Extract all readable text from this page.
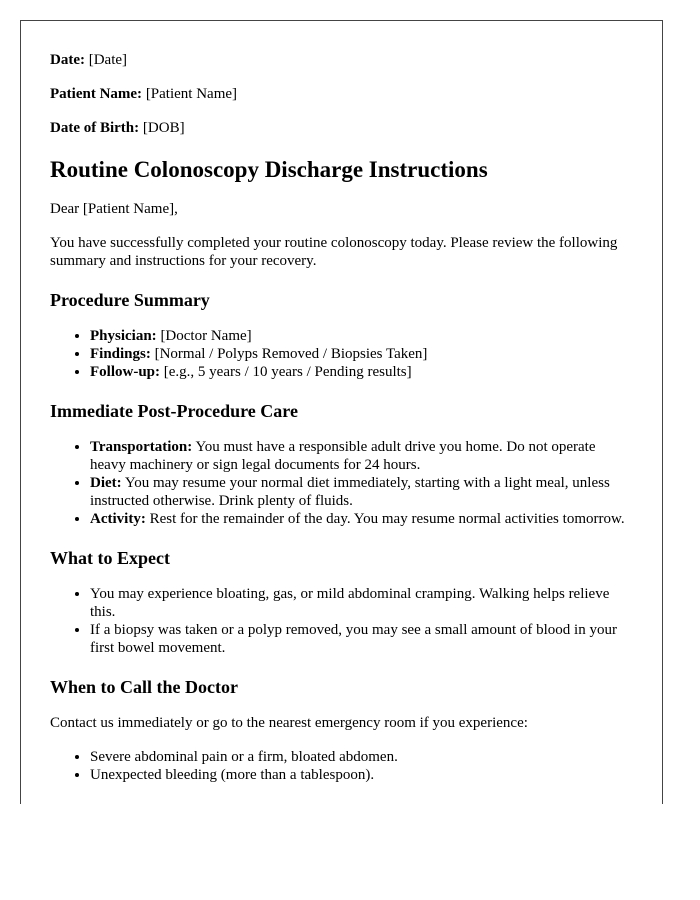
Date: [Date]

Patient Name: [Patient Name]

Date of Birth: [DOB]

Routine Colonoscopy Discharge Instructions

Dear [Patient Name],

You have successfully completed your routine colonoscopy today. Please review the following summary and instructions for your recovery.

Procedure Summary
• Physician: [Doctor Name]
• Findings: [Normal / Polyps Removed / Biopsies Taken]
• Follow-up: [e.g., 5 years / 10 years / Pending results]
Immediate Post-Procedure Care
• Transportation: You must have a responsible adult drive you home. Do not operate heavy machinery or sign legal documents for 24 hours.
• Diet: You may resume your normal diet immediately, starting with a light meal, unless instructed otherwise. Drink plenty of fluids.
• Activity: Rest for the remainder of the day. You may resume normal activities tomorrow.
What to Expect
• You may experience bloating, gas, or mild abdominal cramping. Walking helps relieve this.
• If a biopsy was taken or a polyp removed, you may see a small amount of blood in your first bowel movement.
When to Call the Doctor

Contact us immediately or go to the nearest emergency room if you experience:

• Severe abdominal pain or a firm, bloated abdomen.
• Unexpected bleeding (more than a tablespoon).
